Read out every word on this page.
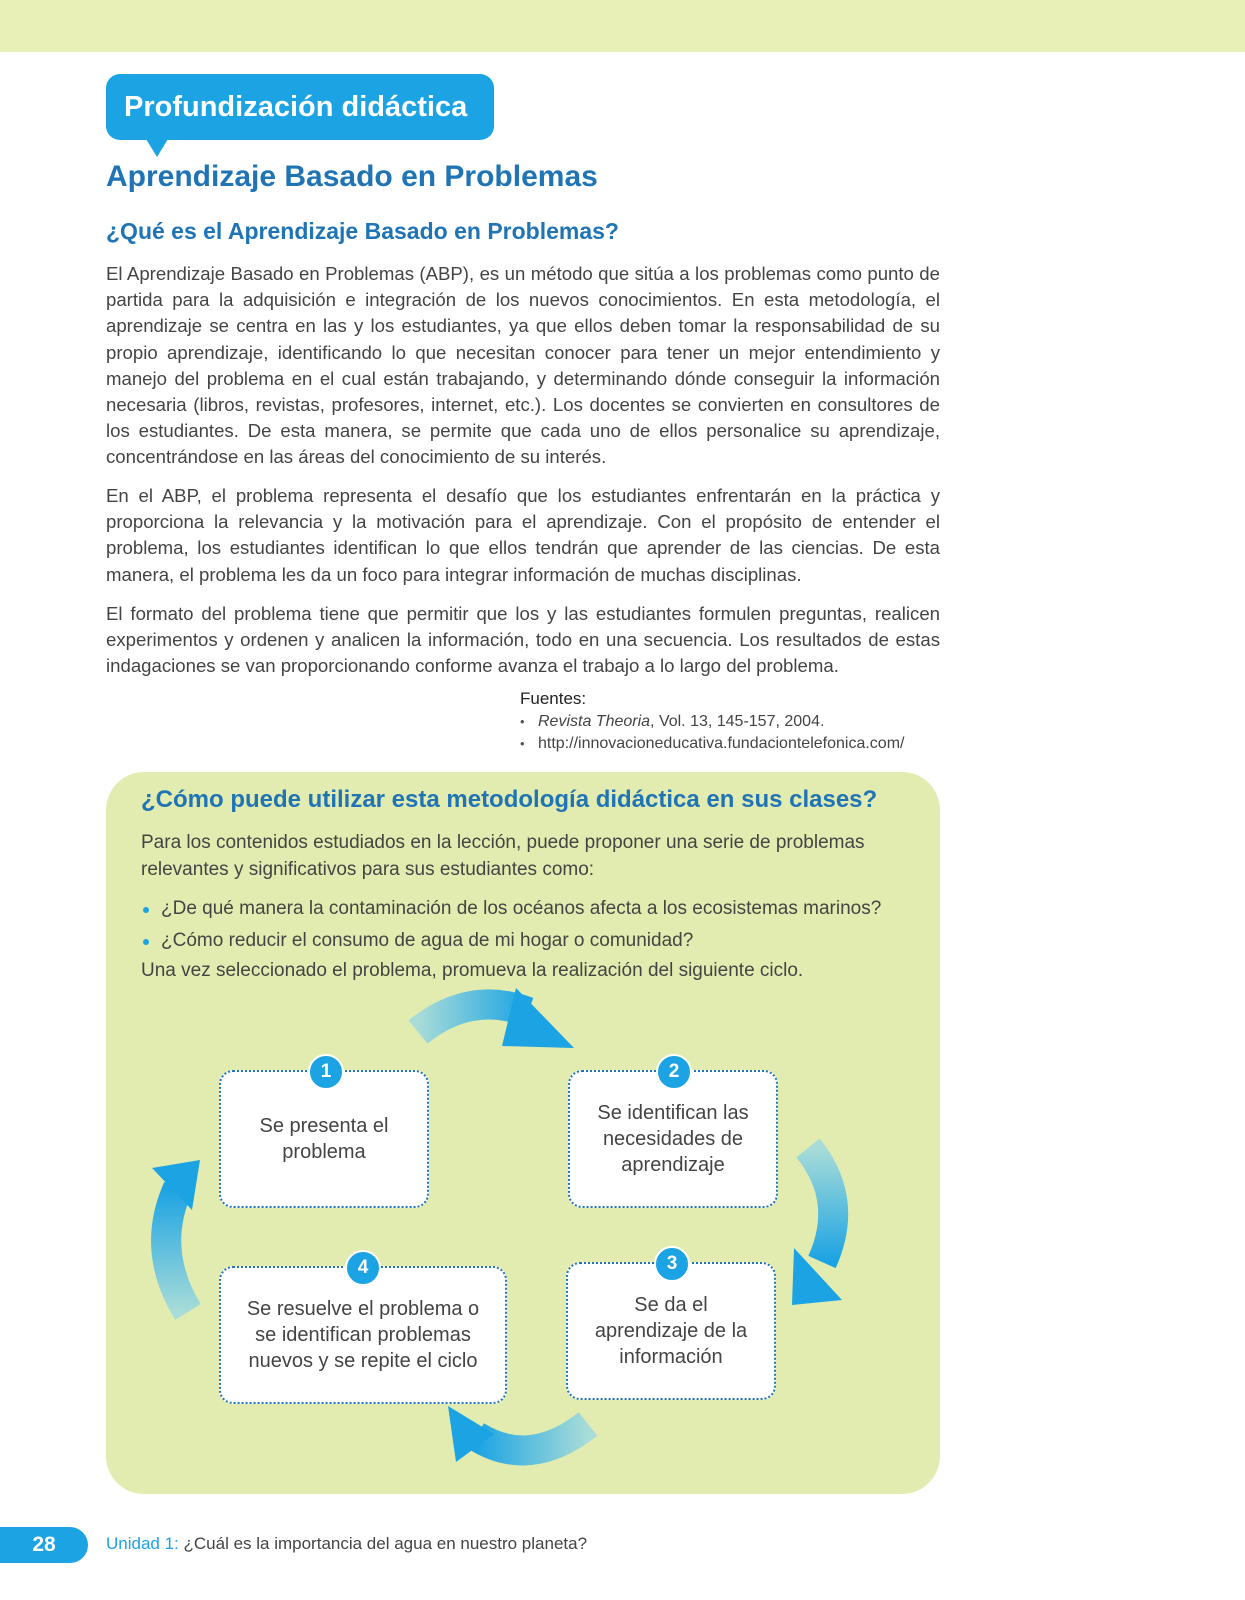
Profundización didáctica
Aprendizaje Basado en Problemas
¿Qué es el Aprendizaje Basado en Problemas?
El Aprendizaje Basado en Problemas (ABP), es un método que sitúa a los problemas como punto de partida para la adquisición e integración de los nuevos conocimientos. En esta metodología, el aprendizaje se centra en las y los estudiantes, ya que ellos deben tomar la responsabilidad de su propio aprendizaje, identificando lo que necesitan conocer para tener un mejor entendimiento y manejo del problema en el cual están trabajando, y determinando dónde conseguir la información necesaria (libros, revistas, profesores, internet, etc.). Los docentes se convierten en consultores de los estudiantes. De esta manera, se permite que cada uno de ellos personalice su aprendizaje, concentrándose en las áreas del conocimiento de su interés.
En el ABP, el problema representa el desafío que los estudiantes enfrentarán en la práctica y proporciona la relevancia y la motivación para el aprendizaje. Con el propósito de entender el problema, los estudiantes identifican lo que ellos tendrán que aprender de las ciencias. De esta manera, el problema les da un foco para integrar información de muchas disciplinas.
El formato del problema tiene que permitir que los y las estudiantes formulen preguntas, realicen experimentos y ordenen y analicen la información, todo en una secuencia. Los resultados de estas indagaciones se van proporcionando conforme avanza el trabajo a lo largo del problema.
Fuentes:
• Revista Theoria, Vol. 13, 145-157, 2004.
• http://innovacioneducativa.fundaciontelefonica.com/
¿Cómo puede utilizar esta metodología didáctica en sus clases?
Para los contenidos estudiados en la lección, puede proponer una serie de problemas relevantes y significativos para sus estudiantes como:
¿De qué manera la contaminación de los océanos afecta a los ecosistemas marinos?
¿Cómo reducir el consumo de agua de mi hogar o comunidad?
Una vez seleccionado el problema, promueva la realización del siguiente ciclo.
Se presenta el problema
1
Se identifican las necesidades de aprendizaje
2
Se da el aprendizaje de la información
3
Se resuelve el problema o se identifican problemas nuevos y se repite el ciclo
4
28	Unidad 1: ¿Cuál es la importancia del agua en nuestro planeta?
